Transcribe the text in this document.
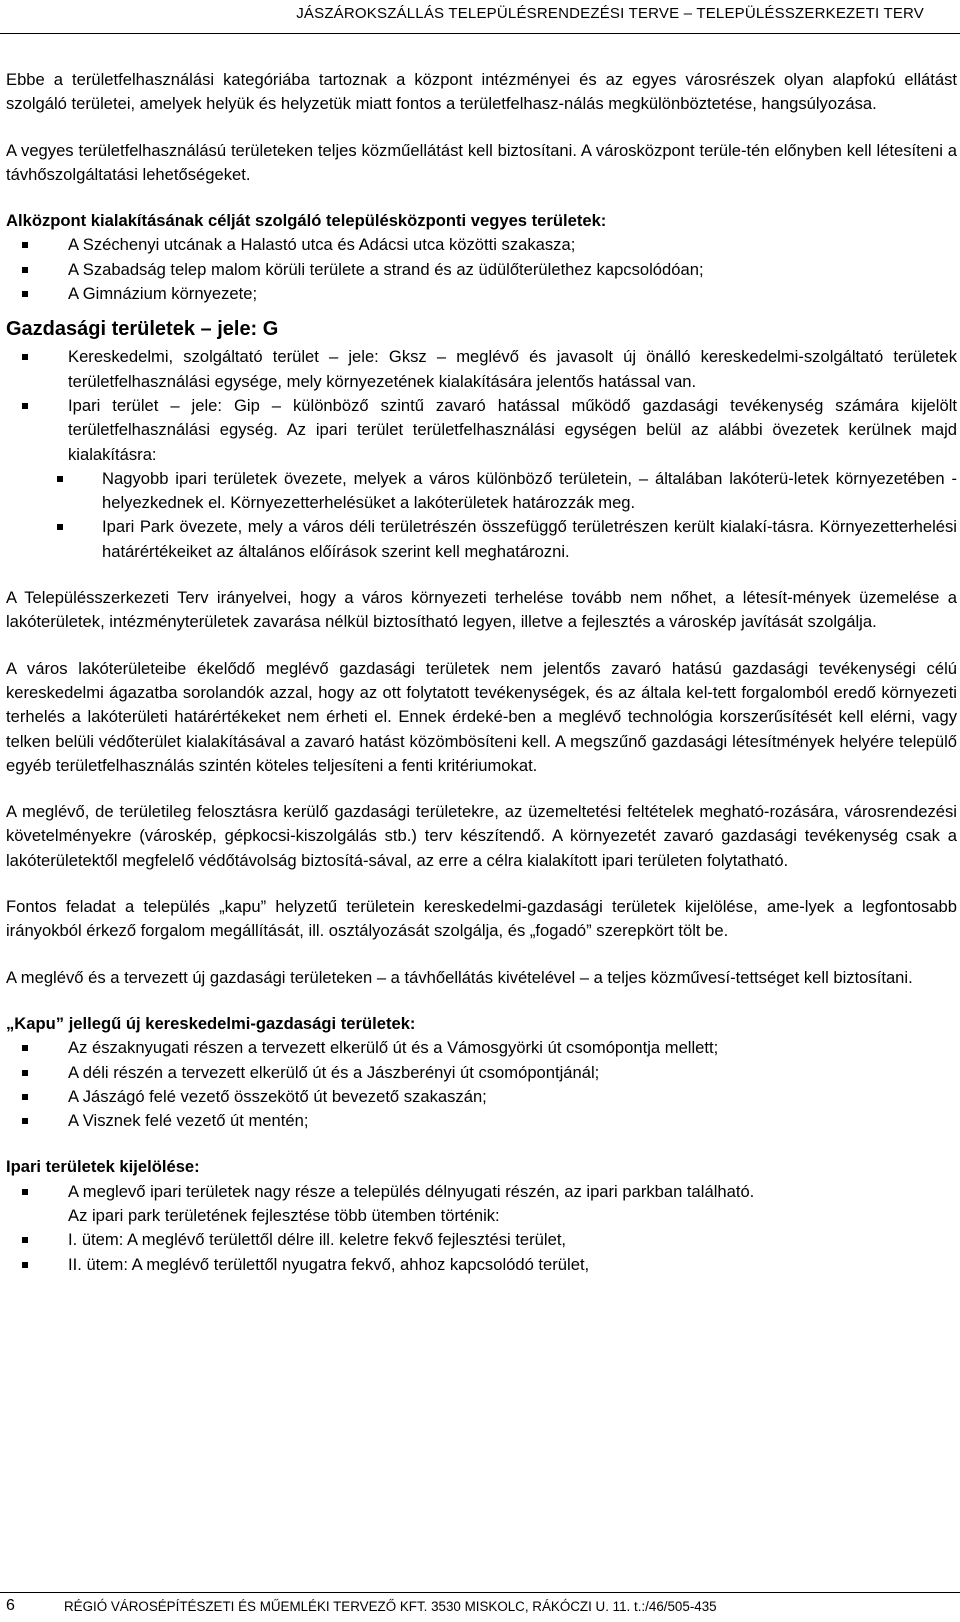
JÁSZÁROKSZÁLLÁS TELEPÜLÉSRENDEZÉSI TERVE – TELEPÜLÉSSZERKEZETI TERV

Ebbe a területfelhasználási kategóriába tartoznak a központ intézményei és az egyes városrészek olyan alapfokú ellátást szolgáló területei, amelyek helyük és helyzetük miatt fontos a területfelhasz-nálás megkülönböztetése, hangsúlyozása.

A vegyes területfelhasználású területeken teljes közműellátást kell biztosítani. A városközpont terüle-tén előnyben kell létesíteni a távhőszolgáltatási lehetőségeket.

Alközpont kialakításának célját szolgáló településközponti vegyes területek:

A Széchenyi utcának a Halastó utca és Adácsi utca közötti szakasza;
A Szabadság telep malom körüli területe a strand és az üdülőterülethez kapcsolódóan;
A Gimnázium környezete;
Gazdasági területek – jele: G
Kereskedelmi, szolgáltató terület – jele: Gksz – meglévő és javasolt új önálló kereskedelmi-szolgáltató területek területfelhasználási egysége, mely környezetének kialakítására jelentős hatással van.
Ipari terület – jele: Gip – különböző szintű zavaró hatással működő gazdasági tevékenység számára kijelölt területfelhasználási egység. Az ipari terület területfelhasználási egységen belül az alábbi övezetek kerülnek majd kialakításra:
Nagyobb ipari területek övezete, melyek a város különböző területein, – általában lakóterü-letek környezetében - helyezkednek el. Környezetterhelésüket a lakóterületek határozzák meg.
Ipari Park övezete, mely a város déli területrészén összefüggő területrészen került kialakí-tásra. Környezetterhelési határértékeiket az általános előírások szerint kell meghatározni.

A Településszerkezeti Terv irányelvei, hogy a város környezeti terhelése tovább nem nőhet, a létesít-mények üzemelése a lakóterületek, intézményterületek zavarása nélkül biztosítható legyen, illetve a fejlesztés a városkép javítását szolgálja.

A város lakóterületeibe ékelődő meglévő gazdasági területek nem jelentős zavaró hatású gazdasági tevékenységi célú kereskedelmi ágazatba sorolandók azzal, hogy az ott folytatott tevékenységek, és az általa kel-tett forgalomból eredő környezeti terhelés a lakóterületi határértékeket nem érheti el. Ennek érdeké-ben a meglévő technológia korszerűsítését kell elérni, vagy telken belüli védőterület kialakításával a zavaró hatást közömbösíteni kell. A megszűnő gazdasági létesítmények helyére települő egyéb területfelhasználás szintén köteles teljesíteni a fenti kritériumokat.

A meglévő, de területileg felosztásra kerülő gazdasági területekre, az üzemeltetési feltételek megható-rozására, városrendezési követelményekre (városkép, gépkocsi-kiszolgálás stb.) terv készítendő. A környezetét zavaró gazdasági tevékenység csak a lakóterületektől megfelelő védőtávolság biztosítá-sával, az erre a célra kialakított ipari területen folytatható.

Fontos feladat a település „kapu” helyzetű területein kereskedelmi-gazdasági területek kijelölése, ame-lyek a legfontosabb irányokból érkező forgalom megállítását, ill. osztályozását szolgálja, és „fogadó” szerepkört tölt be.

A meglévő és a tervezett új gazdasági területeken – a távhőellátás kivételével – a teljes közművesí-tettséget kell biztosítani.

„Kapu” jellegű új kereskedelmi-gazdasági területek:

Az északnyugati részen a tervezett elkerülő út és a Vámosgyörki út csomópontja mellett;
A déli részén a tervezett elkerülő út és a Jászberényi út csomópontjánál;
A Jászágó felé vezető összekötő út bevezető szakaszán;
A Visznek felé vezető út mentén;

Ipari területek kijelölése:

A meglevő ipari területek nagy része a település délnyugati részén, az ipari parkban található.

Az ipari park területének fejlesztése több ütemben történik:

I. ütem: A meglévő területtől délre ill. keletre fekvő fejlesztési terület,
II. ütem: A meglévő területtől nyugatra fekvő, ahhoz kapcsolódó terület,
6	RÉGIÓ VÁROSÉPÍTÉSZETI ÉS MŰEMLÉKI TERVEZŐ KFT. 3530 MISKOLC, RÁKÓCZI U. 11. t.:/46/505-435
